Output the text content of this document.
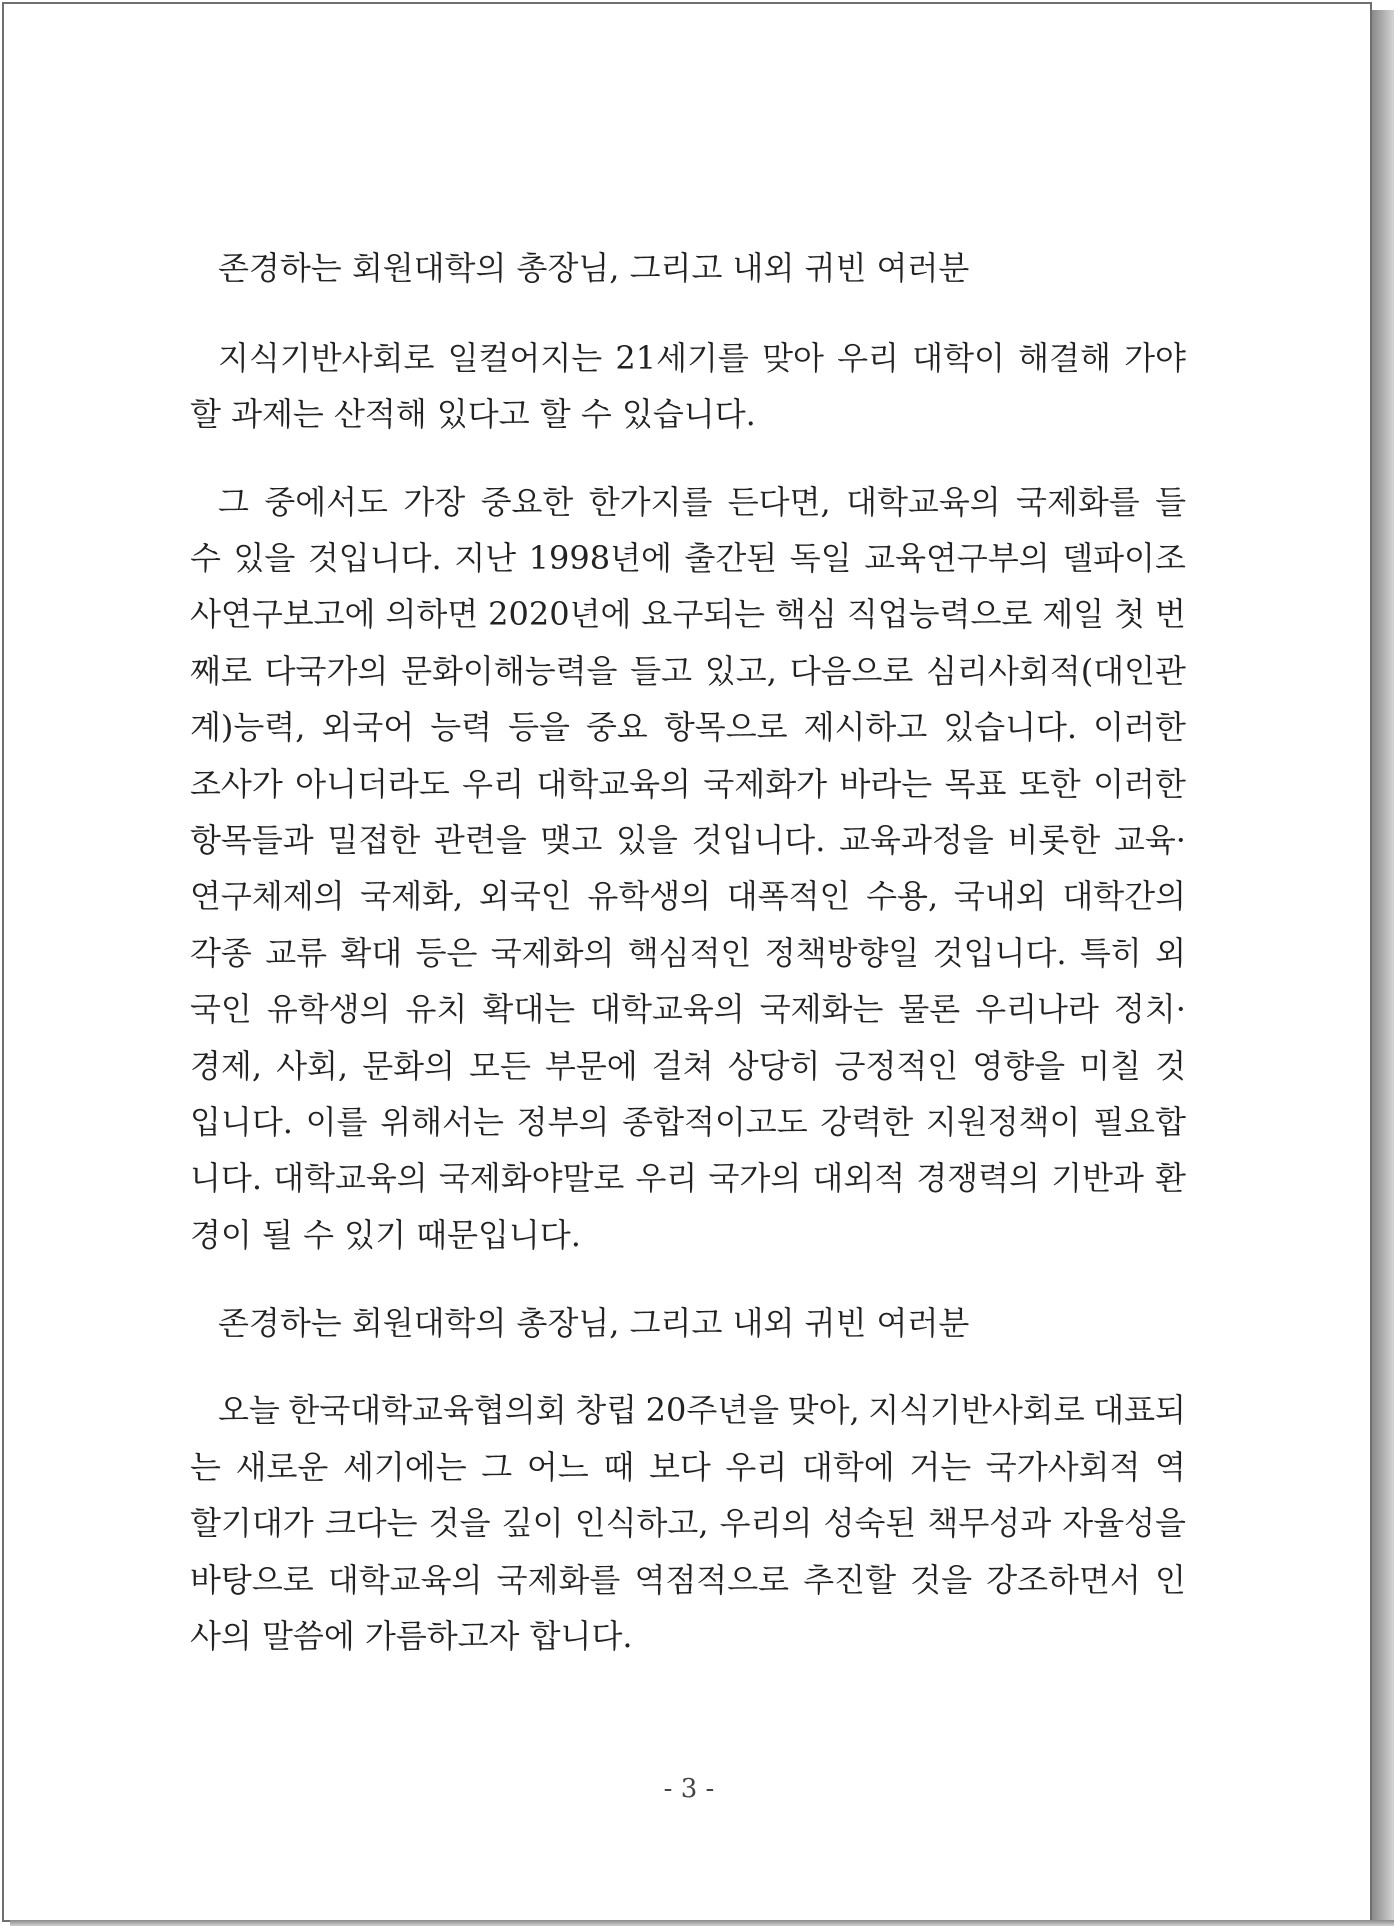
존경하는 회원대학의 총장님, 그리고 내외 귀빈 여러분
지식기반사회로 일컬어지는 21세기를 맞아 우리 대학이 해결해 가야
할 과제는 산적해 있다고 할 수 있습니다.
그 중에서도 가장 중요한 한가지를 든다면, 대학교육의 국제화를 들
수 있을 것입니다. 지난 1998년에 출간된 독일 교육연구부의 델파이조
사연구보고에 의하면 2020년에 요구되는 핵심 직업능력으로 제일 첫 번
째로 다국가의 문화이해능력을 들고 있고, 다음으로 심리사회적(대인관
계)능력, 외국어 능력 등을 중요 항목으로 제시하고 있습니다. 이러한
조사가 아니더라도 우리 대학교육의 국제화가 바라는 목표 또한 이러한
항목들과 밀접한 관련을 맺고 있을 것입니다. 교육과정을 비롯한 교육·
연구체제의 국제화, 외국인 유학생의 대폭적인 수용, 국내외 대학간의
각종 교류 확대 등은 국제화의 핵심적인 정책방향일 것입니다. 특히 외
국인 유학생의 유치 확대는 대학교육의 국제화는 물론 우리나라 정치·
경제, 사회, 문화의 모든 부문에 걸쳐 상당히 긍정적인 영향을 미칠 것
입니다. 이를 위해서는 정부의 종합적이고도 강력한 지원정책이 필요합
니다. 대학교육의 국제화야말로 우리 국가의 대외적 경쟁력의 기반과 환
경이 될 수 있기 때문입니다.
존경하는 회원대학의 총장님, 그리고 내외 귀빈 여러분
오늘 한국대학교육협의회 창립 20주년을 맞아, 지식기반사회로 대표되
는 새로운 세기에는 그 어느 때 보다 우리 대학에 거는 국가사회적 역
할기대가 크다는 것을 깊이 인식하고, 우리의 성숙된 책무성과 자율성을
바탕으로 대학교육의 국제화를 역점적으로 추진할 것을 강조하면서 인
사의 말씀에 가름하고자 합니다.
- 3 -
